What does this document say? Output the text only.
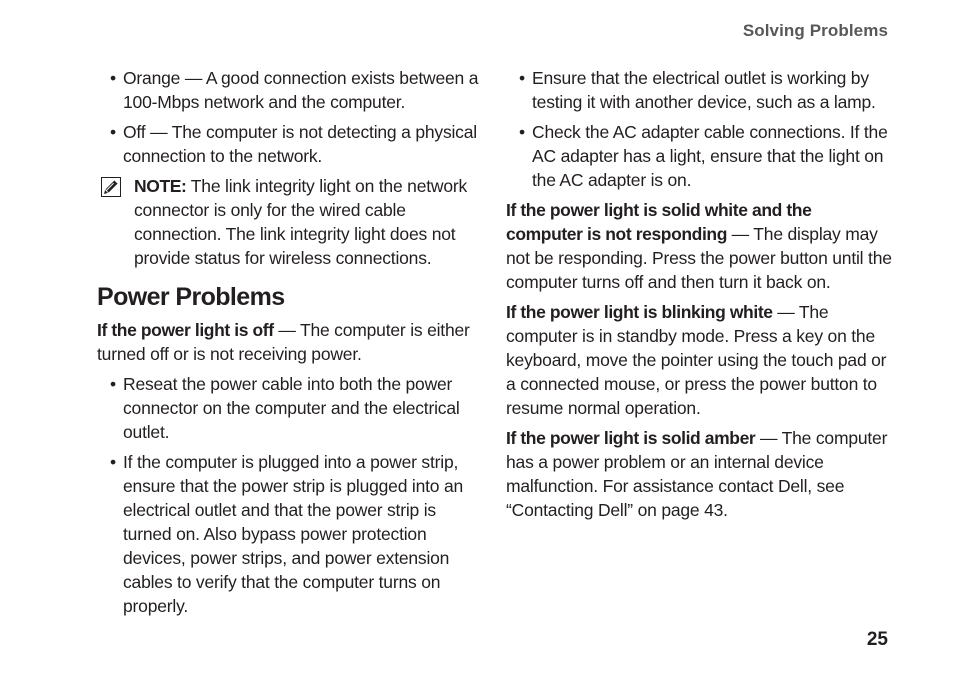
Solving Problems
• Orange — A good connection exists between a 100-Mbps network and the computer.
• Off — The computer is not detecting a physical connection to the network.
NOTE: The link integrity light on the network connector is only for the wired cable connection. The link integrity light does not provide status for wireless connections.
Power Problems

If the power light is off — The computer is either turned off or is not receiving power.

• Reseat the power cable into both the power connector on the computer and the electrical outlet.
• If the computer is plugged into a power strip, ensure that the power strip is plugged into an electrical outlet and that the power strip is turned on. Also bypass power protection devices, power strips, and power extension cables to verify that the computer turns on properly.
• Ensure that the electrical outlet is working by testing it with another device, such as a lamp.
• Check the AC adapter cable connections. If the AC adapter has a light, ensure that the light on the AC adapter is on.

If the power light is solid white and the computer is not responding — The display may not be responding. Press the power button until the computer turns off and then turn it back on.

If the power light is blinking white — The computer is in standby mode. Press a key on the keyboard, move the pointer using the touch pad or a connected mouse, or press the power button to resume normal operation.

If the power light is solid amber — The computer has a power problem or an internal device malfunction. For assistance contact Dell, see “Contacting Dell” on page 43.

25
